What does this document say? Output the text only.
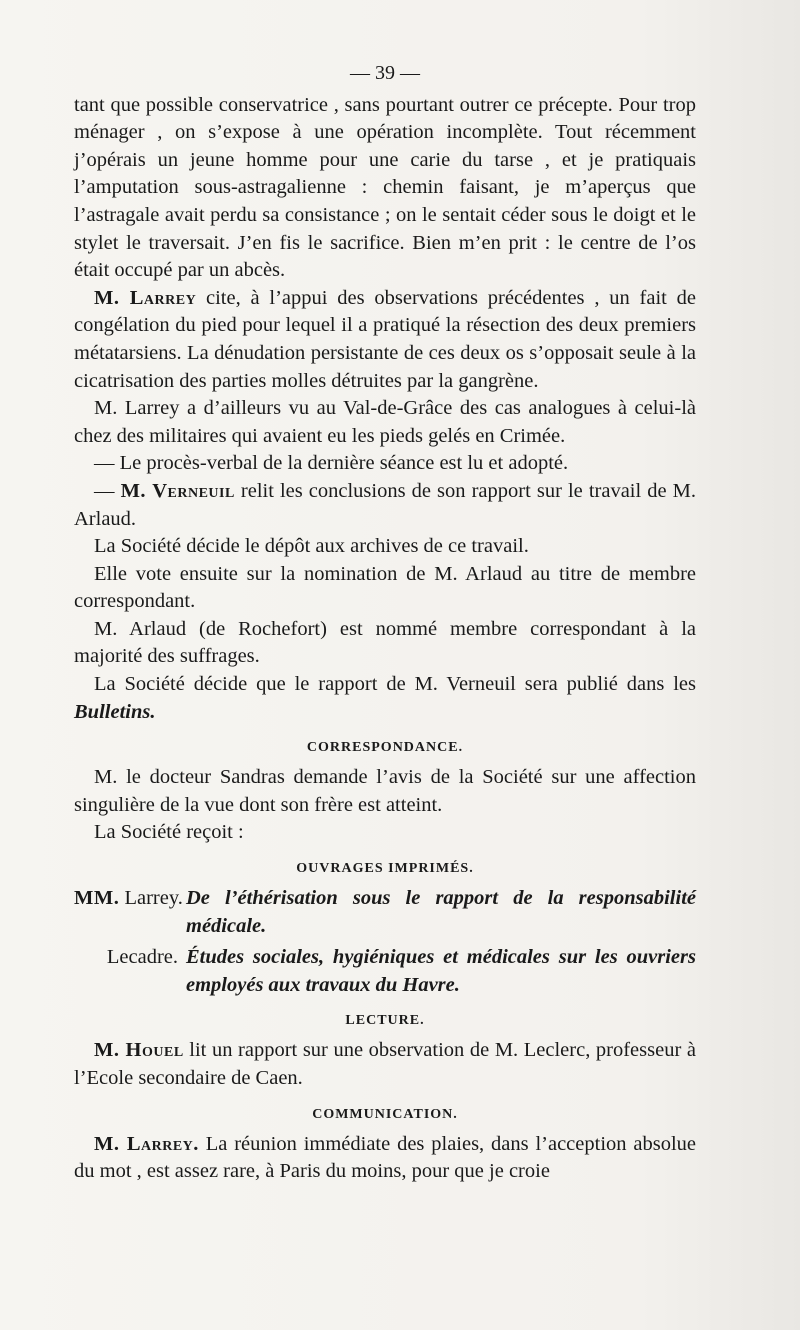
— 39 —

tant que possible conservatrice , sans pourtant outrer ce précepte. Pour trop ménager , on s’expose à une opération incomplète. Tout récemment j’opérais un jeune homme pour une carie du tarse , et je pratiquais l’amputation sous-astragalienne : chemin faisant, je m’aperçus que l’astragale avait perdu sa consistance ; on le sentait céder sous le doigt et le stylet le traversait. J’en fis le sacrifice. Bien m’en prit : le centre de l’os était occupé par un abcès.

M. Larrey cite, à l’appui des observations précédentes , un fait de congélation du pied pour lequel il a pratiqué la résection des deux premiers métatarsiens. La dénudation persistante de ces deux os s’opposait seule à la cicatrisation des parties molles détruites par la gangrène.

M. Larrey a d’ailleurs vu au Val-de-Grâce des cas analogues à celui-là chez des militaires qui avaient eu les pieds gelés en Crimée.

— Le procès-verbal de la dernière séance est lu et adopté.

— M. Verneuil relit les conclusions de son rapport sur le travail de M. Arlaud.

La Société décide le dépôt aux archives de ce travail.

Elle vote ensuite sur la nomination de M. Arlaud au titre de membre correspondant.

M. Arlaud (de Rochefort) est nommé membre correspondant à la majorité des suffrages.

La Société décide que le rapport de M. Verneuil sera publié dans les Bulletins.

CORRESPONDANCE.

M. le docteur Sandras demande l’avis de la Société sur une affection singulière de la vue dont son frère est atteint.

La Société reçoit :

OUVRAGES IMPRIMÉS.
MM. Larrey. De l’éthérisation sous le rapport de la responsabilité médicale.
Lecadre. Études sociales, hygiéniques et médicales sur les ouvriers employés aux travaux du Havre.
LECTURE.

M. Houel lit un rapport sur une observation de M. Leclerc, professeur à l’Ecole secondaire de Caen.

COMMUNICATION.

M. Larrey. La réunion immédiate des plaies, dans l’acception absolue du mot , est assez rare, à Paris du moins, pour que je croie
